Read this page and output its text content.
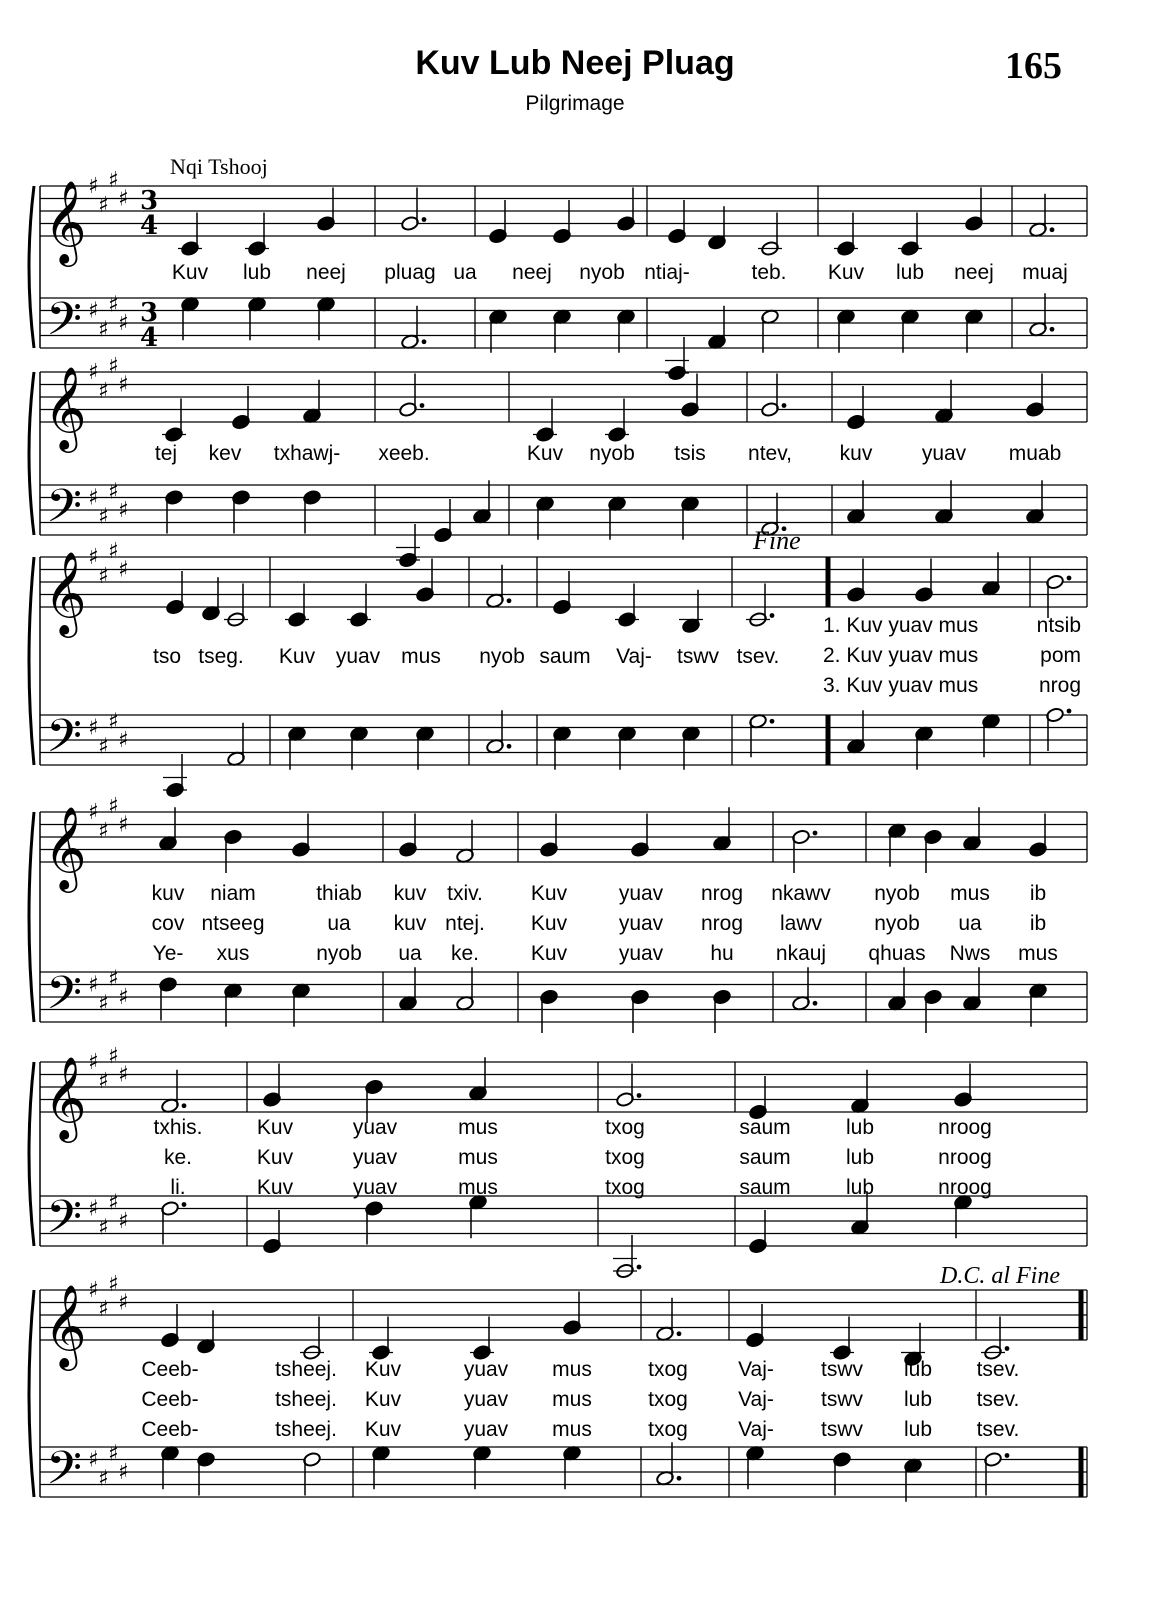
Kuv Lub Neej Pluag
Pilgrimage
165
𝄞
𝄢
♯
♯
♯
♯
♯
♯
♯
♯
3
4
3
4
𝄞
𝄢
♯
♯
♯
♯
♯
♯
♯
♯
𝄞
𝄢
♯
♯
♯
♯
♯
♯
♯
♯
𝄞
𝄢
♯
♯
♯
♯
♯
♯
♯
♯
𝄞
𝄢
♯
♯
♯
♯
♯
♯
♯
♯
𝄞
𝄢
♯
♯
♯
♯
♯
♯
♯
♯
Nqi Tshooj
Fine
D.C. al Fine
Kuv lub neej pluag ua neej nyob ntiaj-	teb. Kuv lub neej muaj
tej kev txhawj- xeeb.	Kuv nyob tsis ntev, kuv yuav muab
tso tseg. Kuv yuav mus nyob saum Vaj- tswv tsev.
1. Kuv yuav mus	ntsib
2. Kuv yuav mus	pom
3. Kuv yuav mus	nrog
kuv niam	thiab kuv txiv. Kuv yuav nrog nkawv nyob mus ib
cov ntseeg	ua kuv ntej. Kuv yuav nrog lawv nyob ua ib
Ye- xus	nyob ua ke. Kuv yuav hu nkauj qhuas Nws mus
txhis.	Kuv	yuav	mus	txog	saum	lub	nroog
ke.	Kuv	yuav	mus	txog	saum	lub	nroog
li.	Kuv	yuav	mus	txog	saum	lub	nroog
Ceeb-	tsheej. Kuv	yuav mus	txog Vaj- tswv lub tsev.
Ceeb-	tsheej. Kuv	yuav mus	txog Vaj- tswv lub tsev.
Ceeb-	tsheej. Kuv	yuav mus	txog Vaj- tswv lub tsev.
